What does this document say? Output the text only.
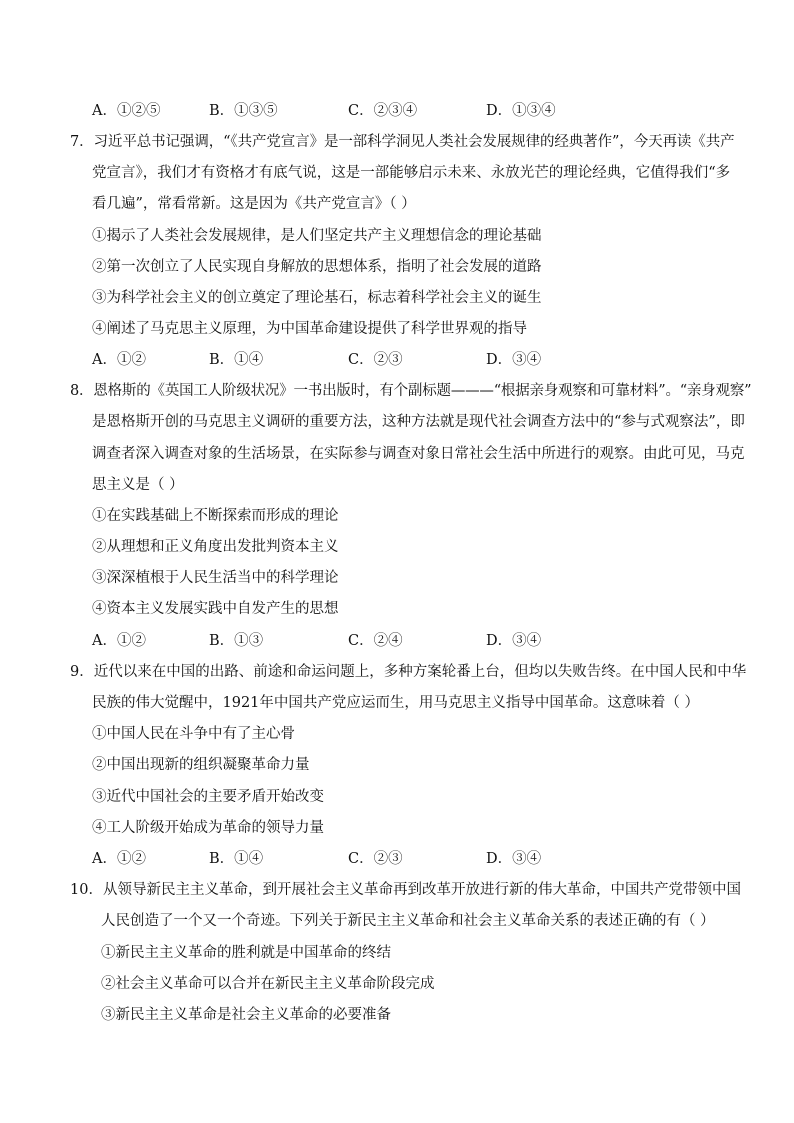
A．①②⑤	B．①③⑤	C．②③④	D．①③④
7．习近平总书记强调，“《共产党宣言》是一部科学洞见人类社会发展规律的经典著作”，今天再读《共产
党宣言》，我们才有资格才有底气说，这是一部能够启示未来、永放光芒的理论经典，它值得我们“多
看几遍”，常看常新。这是因为《共产党宣言》（ ）
①揭示了人类社会发展规律，是人们坚定共产主义理想信念的理论基础
②第一次创立了人民实现自身解放的思想体系，指明了社会发展的道路
③为科学社会主义的创立奠定了理论基石，标志着科学社会主义的诞生
④阐述了马克思主义原理，为中国革命建设提供了科学世界观的指导
A．①②	B．①④	C．②③	D．③④
8．恩格斯的《英国工人阶级状况》一书出版时，有个副标题———“根据亲身观察和可靠材料”。“亲身观察”
是恩格斯开创的马克思主义调研的重要方法，这种方法就是现代社会调查方法中的“参与式观察法”，即
调查者深入调查对象的生活场景，在实际参与调查对象日常社会生活中所进行的观察。由此可见，马克
思主义是（ ）
①在实践基础上不断探索而形成的理论
②从理想和正义角度出发批判资本主义
③深深植根于人民生活当中的科学理论
④资本主义发展实践中自发产生的思想
A．①②	B．①③	C．②④	D．③④
9．近代以来在中国的出路、前途和命运问题上，多种方案轮番上台，但均以失败告终。在中国人民和中华
民族的伟大觉醒中，1921年中国共产党应运而生，用马克思主义指导中国革命。这意味着（ ）
①中国人民在斗争中有了主心骨
②中国出现新的组织凝聚革命力量
③近代中国社会的主要矛盾开始改变
④工人阶级开始成为革命的领导力量
A．①②	B．①④	C．②③	D．③④
10．从领导新民主主义革命，到开展社会主义革命再到改革开放进行新的伟大革命，中国共产党带领中国
人民创造了一个又一个奇迹。下列关于新民主主义革命和社会主义革命关系的表述正确的有（ ）
①新民主主义革命的胜利就是中国革命的终结
②社会主义革命可以合并在新民主主义革命阶段完成
③新民主主义革命是社会主义革命的必要准备
